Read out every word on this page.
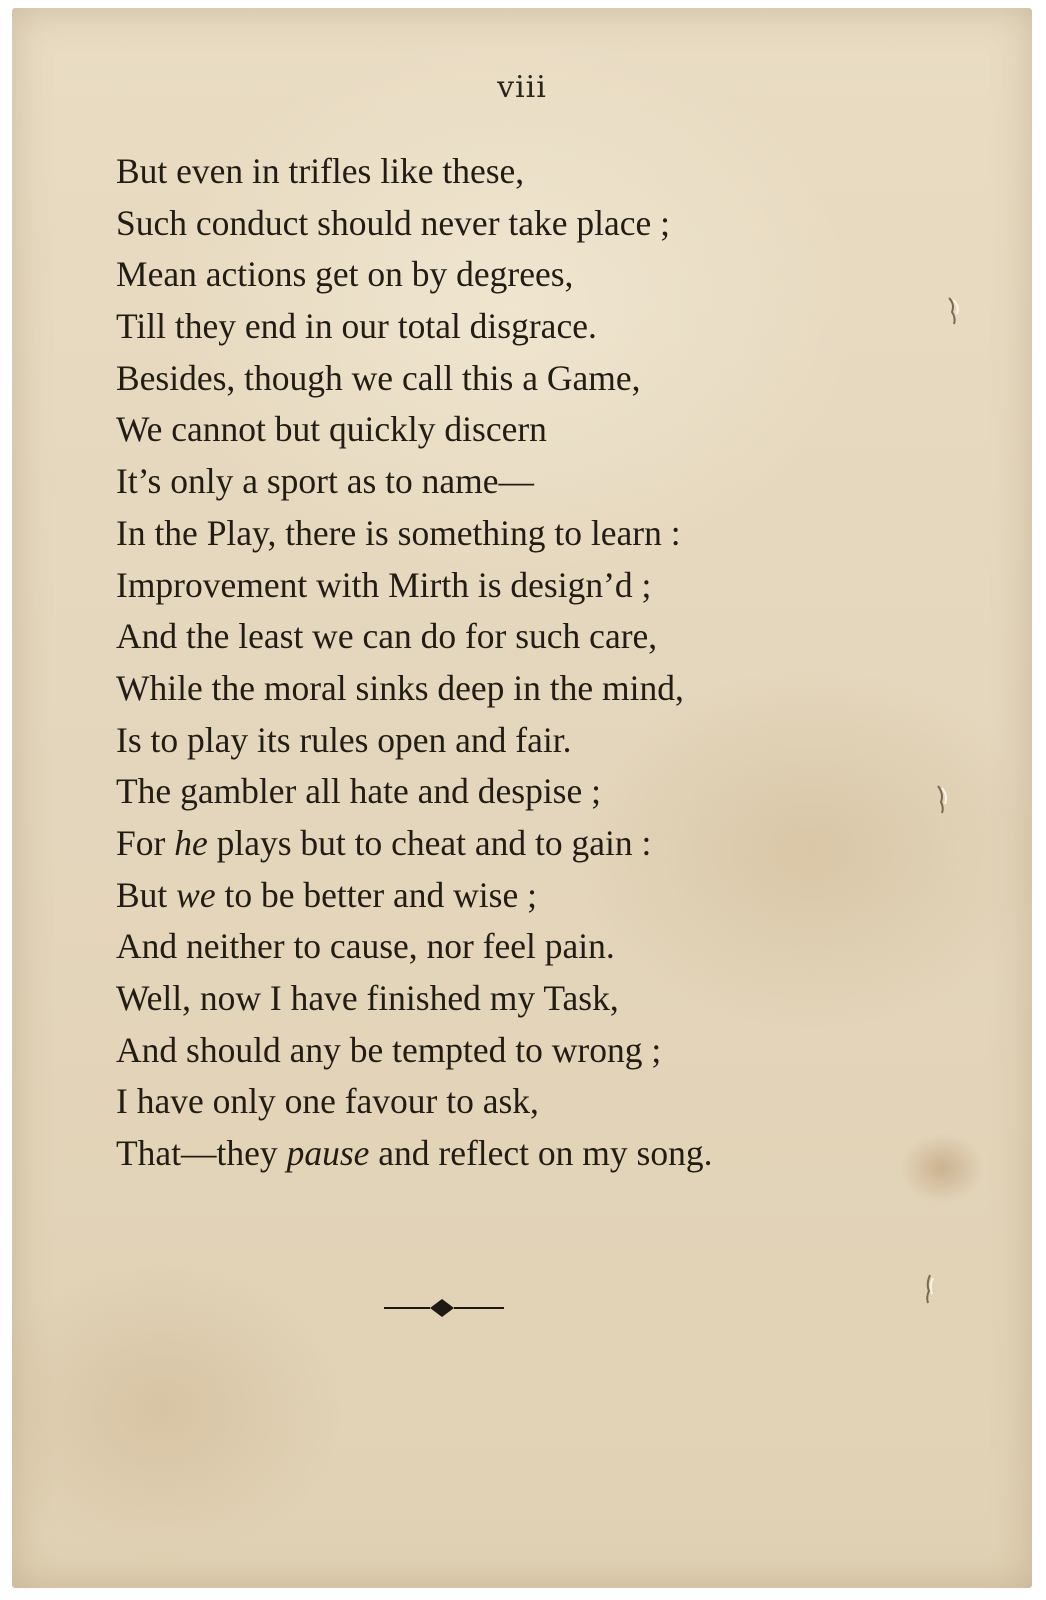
viii
But even in trifles like these,
Such conduct should never take place ;
Mean actions get on by degrees,
Till they end in our total disgrace.
Besides, though we call this a Game,
We cannot but quickly discern
It’s only a sport as to name—
In the Play, there is something to learn :
Improvement with Mirth is design’d ;
And the least we can do for such care,
While the moral sinks deep in the mind,
Is to play its rules open and fair.
The gambler all hate and despise ;
For he plays but to cheat and to gain :
But we to be better and wise ;
And neither to cause, nor feel pain.
Well, now I have finished my Task,
And should any be tempted to wrong ;
I have only one favour to ask,
That—they pause and reflect on my song.
